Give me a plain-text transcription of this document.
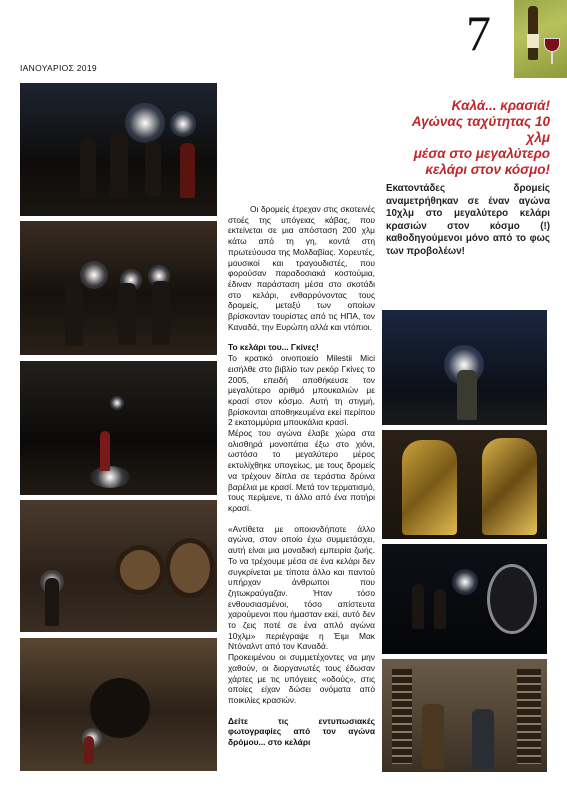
ΙΑΝΟΥΑΡΙΟΣ 2019
7
Καλά... κρασιά!
Αγώνας ταχύτητας 10 χλμ
μέσα στο μεγαλύτερο
κελάρι στον κόσμο!

Εκατοντάδες δρομείς αναμετρήθηκαν σε έναν αγώνα 10χλμ στο μεγαλύτερο κελάρι κρασιών στον κόσμο (!) καθοδηγούμενοι μόνο από το φως των προβολέων!

Οι δρομείς έτρεχαν στις σκοτεινές στοές της υπόγειας κάβας, που εκτείνεται σε μια απόσταση 200 χλμ κάτω από τη γη, κοντά στη πρωτεύουσα της Μολδαβίας. Χορευτές, μουσικοί και τραγουδιστές, που φορούσαν παραδοσιακά κοστούμια, έδιναν παράσταση μέσα στο σκοτάδι στο κελάρι, ενθαρρύνοντας τους δρομείς, μεταξύ των οποίων βρίσκονταν τουρίστες από τις ΗΠΑ, τον Καναδά, την Ευρώπη αλλά και ντόπιοι.

Το κελάρι του... Γκίνες!

Το κρατικό οινοποιείο Milestii Mici εισήλθε στο βιβλίο των ρεκόρ Γκίνες το 2005, επειδή αποθήκευσε τον μεγαλύτερο αριθμό μπουκαλιών με κρασί στον κόσμο. Αυτή τη στιγμή, βρίσκονται αποθηκευμένα εκεί περίπου 2 εκατομμύρια μπουκάλια κρασί.

Μέρος του αγώνα έλαβε χώρα στα ολισθηρά μονοπάτια έξω στο χιόνι, ωστόσο το μεγαλύτερο μέρος εκτυλίχθηκε υπογείως, με τους δρομείς να τρέχουν δίπλα σε τεράστια δρύινα βαρέλια με κρασί. Μετά τον τερματισμό, τους περίμενε, τι άλλο από ένα ποτήρι κρασί.

«Αντίθετα με οποιονδήποτε άλλο αγώνα, στον οποίο έχω συμμετάσχει, αυτή είναι μια μοναδική εμπειρία ζωής. Το να τρέχουμε μέσα σε ένα κελάρι δεν συγκρίνεται με τίποτα άλλο και παντού υπήρχαν άνθρωποι που ζητωκραύγαζαν. Ήταν τόσο ενθουσιασμένοι, τόσο απίστευτα χαρούμενοι που ήμασταν εκεί, αυτό δεν το ζεις ποτέ σε ένα απλό αγώνα 10χλμ» περιέγραψε η Έιμι Μακ Ντόναλντ από τον Καναδά.

Προκειμένου οι συμμετέχοντες να μην χαθούν, οι διοργανωτές τους έδωσαν χάρτες με τις υπόγειες «οδούς», στις οποίες είχαν δώσει ονόματα από ποικιλίες κρασιών.

Δείτε τις εντυπωσιακές φωτογραφίες από τον αγώνα δρόμου... στο κελάρι
